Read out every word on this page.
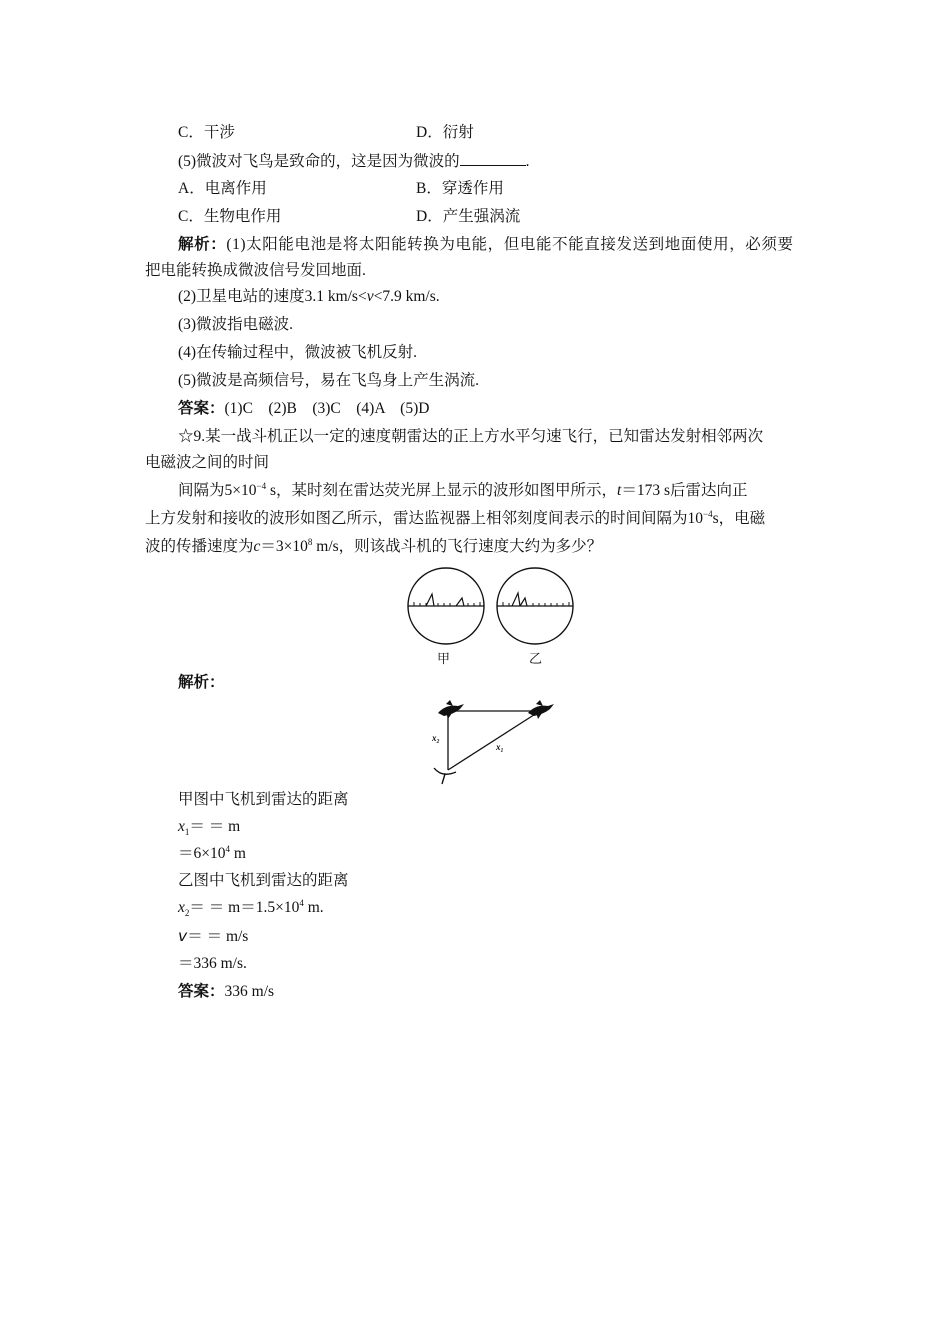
C．干涉	D．衍射
(5)微波对飞鸟是致命的，这是因为微波的	.
A．电离作用	B．穿透作用
C．生物电作用	D．产生强涡流
解析：(1)太阳能电池是将太阳能转换为电能，但电能不能直接发送到地面使用，必须要
把电能转换成微波信号发回地面.
(2)卫星电站的速度3.1 km/s<v<7.9 km/s.
(3)微波指电磁波.
(4)在传输过程中，微波被飞机反射.
(5)微波是高频信号，易在飞鸟身上产生涡流.
答案：(1)C　(2)B　(3)C　(4)A　(5)D
☆9.某一战斗机正以一定的速度朝雷达的正上方水平匀速飞行，已知雷达发射相邻两次
电磁波之间的时间
间隔为$5\times 10^{-4}$ s，某时刻在雷达荧光屏上显示的波形如图甲所示，t＝173 s后雷达向正
上方发射和接收的波形如图乙所示，雷达监视器上相邻刻度间表示的时间间隔为$10^{-4}s$，电磁
波的传播速度为$c=3\times 10^8$ m/s，则该战斗机的飞行速度大约为多少？
甲	乙
解析：
x₂
x₁
甲图中飞机到雷达的距离
$x_1= = m$
$=6\times 10^4$ m
乙图中飞机到雷达的距离
$x_2= = m=1.5\times 10^4$ m.
v＝ ＝ m/s
＝336 m/s.
答案：336 m/s
